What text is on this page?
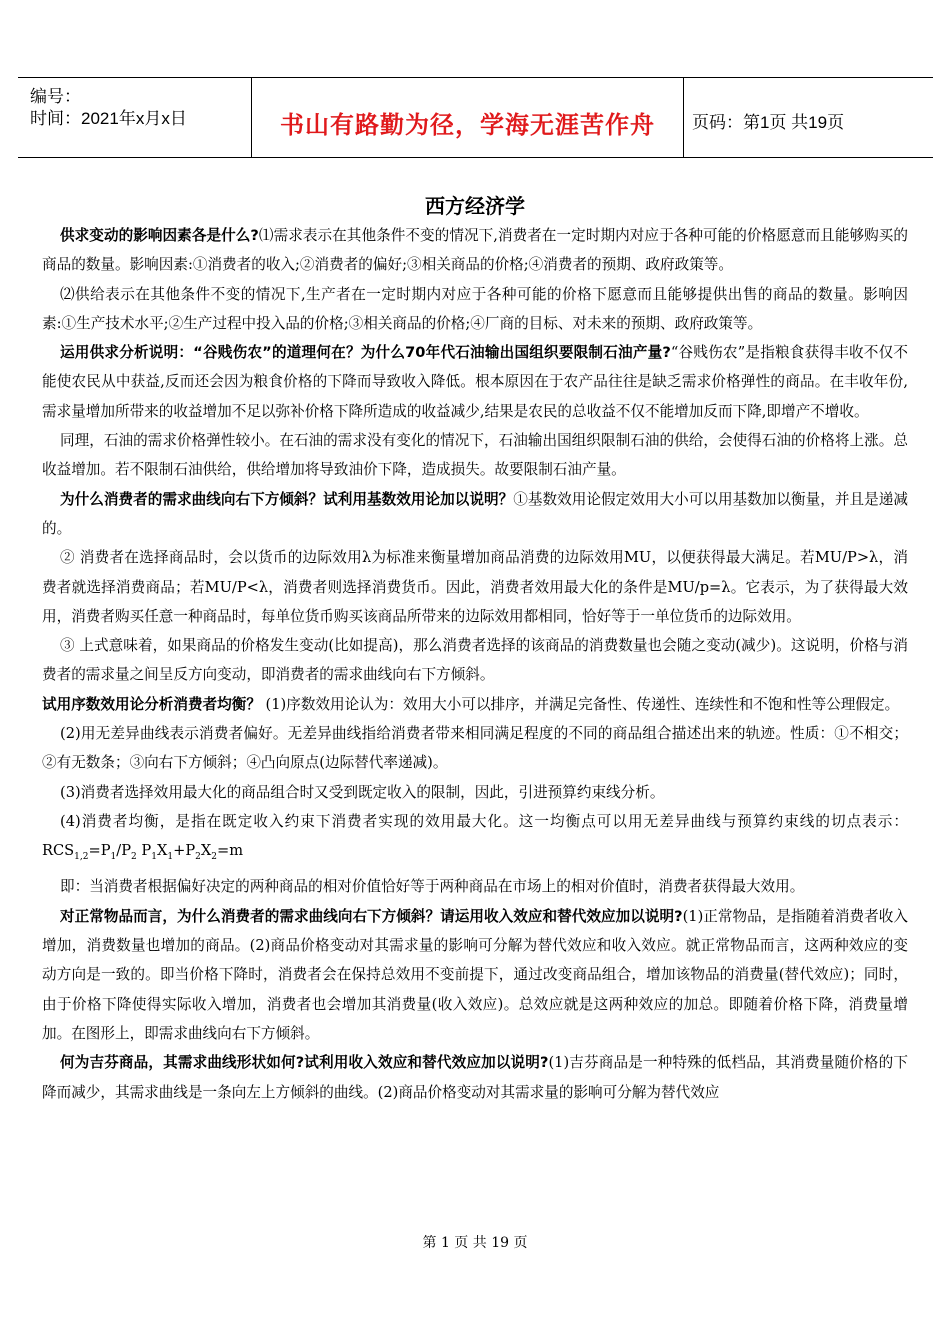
编号：
时间：2021年x月x日	书山有路勤为径，学海无涯苦作舟	页码：第1页 共19页
西方经济学

供求变动的影响因素各是什么?⑴需求表示在其他条件不变的情况下,消费者在一定时期内对应于各种可能的价格愿意而且能够购买的商品的数量。影响因素:①消费者的收入;②消费者的偏好;③相关商品的价格;④消费者的预期、政府政策等。

⑵供给表示在其他条件不变的情况下,生产者在一定时期内对应于各种可能的价格下愿意而且能够提供出售的商品的数量。影响因素:①生产技术水平;②生产过程中投入品的价格;③相关商品的价格;④厂商的目标、对未来的预期、政府政策等。

运用供求分析说明：“谷贱伤农”的道理何在？为什么70年代石油输出国组织要限制石油产量?“谷贱伤农”是指粮食获得丰收不仅不能使农民从中获益,反而还会因为粮食价格的下降而导致收入降低。根本原因在于农产品往往是缺乏需求价格弹性的商品。在丰收年份,需求量增加所带来的收益增加不足以弥补价格下降所造成的收益减少,结果是农民的总收益不仅不能增加反而下降,即增产不增收。

同理，石油的需求价格弹性较小。在石油的需求没有变化的情况下，石油输出国组织限制石油的供给，会使得石油的价格将上涨。总收益增加。若不限制石油供给，供给增加将导致油价下降，造成损失。故要限制石油产量。

为什么消费者的需求曲线向右下方倾斜？试利用基数效用论加以说明？①基数效用论假定效用大小可以用基数加以衡量，并且是递减的。

② 消费者在选择商品时，会以货币的边际效用λ为标准来衡量增加商品消费的边际效用MU，以便获得最大满足。若MU/P>λ，消费者就选择消费商品；若MU/P<λ，消费者则选择消费货币。因此，消费者效用最大化的条件是MU/p=λ。它表示，为了获得最大效用，消费者购买任意一种商品时，每单位货币购买该商品所带来的边际效用都相同，恰好等于一单位货币的边际效用。

③ 上式意味着，如果商品的价格发生变动(比如提高)，那么消费者选择的该商品的消费数量也会随之变动(减少)。这说明，价格与消费者的需求量之间呈反方向变动，即消费者的需求曲线向右下方倾斜。

试用序数效用论分析消费者均衡？ (1)序数效用论认为：效用大小可以排序，并满足完备性、传递性、连续性和不饱和性等公理假定。

(2)用无差异曲线表示消费者偏好。无差异曲线指给消费者带来相同满足程度的不同的商品组合描述出来的轨迹。性质：①不相交；②有无数条；③向右下方倾斜；④凸向原点(边际替代率递减)。

(3)消费者选择效用最大化的商品组合时又受到既定收入的限制，因此，引进预算约束线分析。

(4)消费者均衡，是指在既定收入约束下消费者实现的效用最大化。这一均衡点可以用无差异曲线与预算约束线的切点表示：$RCS_{1,2}=P_1/P_2$ $P_1X_1+P_2X_2=m$

即：当消费者根据偏好决定的两种商品的相对价值恰好等于两种商品在市场上的相对价值时，消费者获得最大效用。

对正常物品而言，为什么消费者的需求曲线向右下方倾斜？请运用收入效应和替代效应加以说明?(1)正常物品，是指随着消费者收入增加，消费数量也增加的商品。(2)商品价格变动对其需求量的影响可分解为替代效应和收入效应。就正常物品而言，这两种效应的变动方向是一致的。即当价格下降时，消费者会在保持总效用不变前提下，通过改变商品组合，增加该物品的消费量(替代效应)；同时，由于价格下降使得实际收入增加，消费者也会增加其消费量(收入效应)。总效应就是这两种效应的加总。即随着价格下降，消费量增加。在图形上，即需求曲线向右下方倾斜。

何为吉芬商品，其需求曲线形状如何?试利用收入效应和替代效应加以说明?(1)吉芬商品是一种特殊的低档品，其消费量随价格的下降而减少，其需求曲线是一条向左上方倾斜的曲线。(2)商品价格变动对其需求量的影响可分解为替代效应

第 1 页 共 19 页
